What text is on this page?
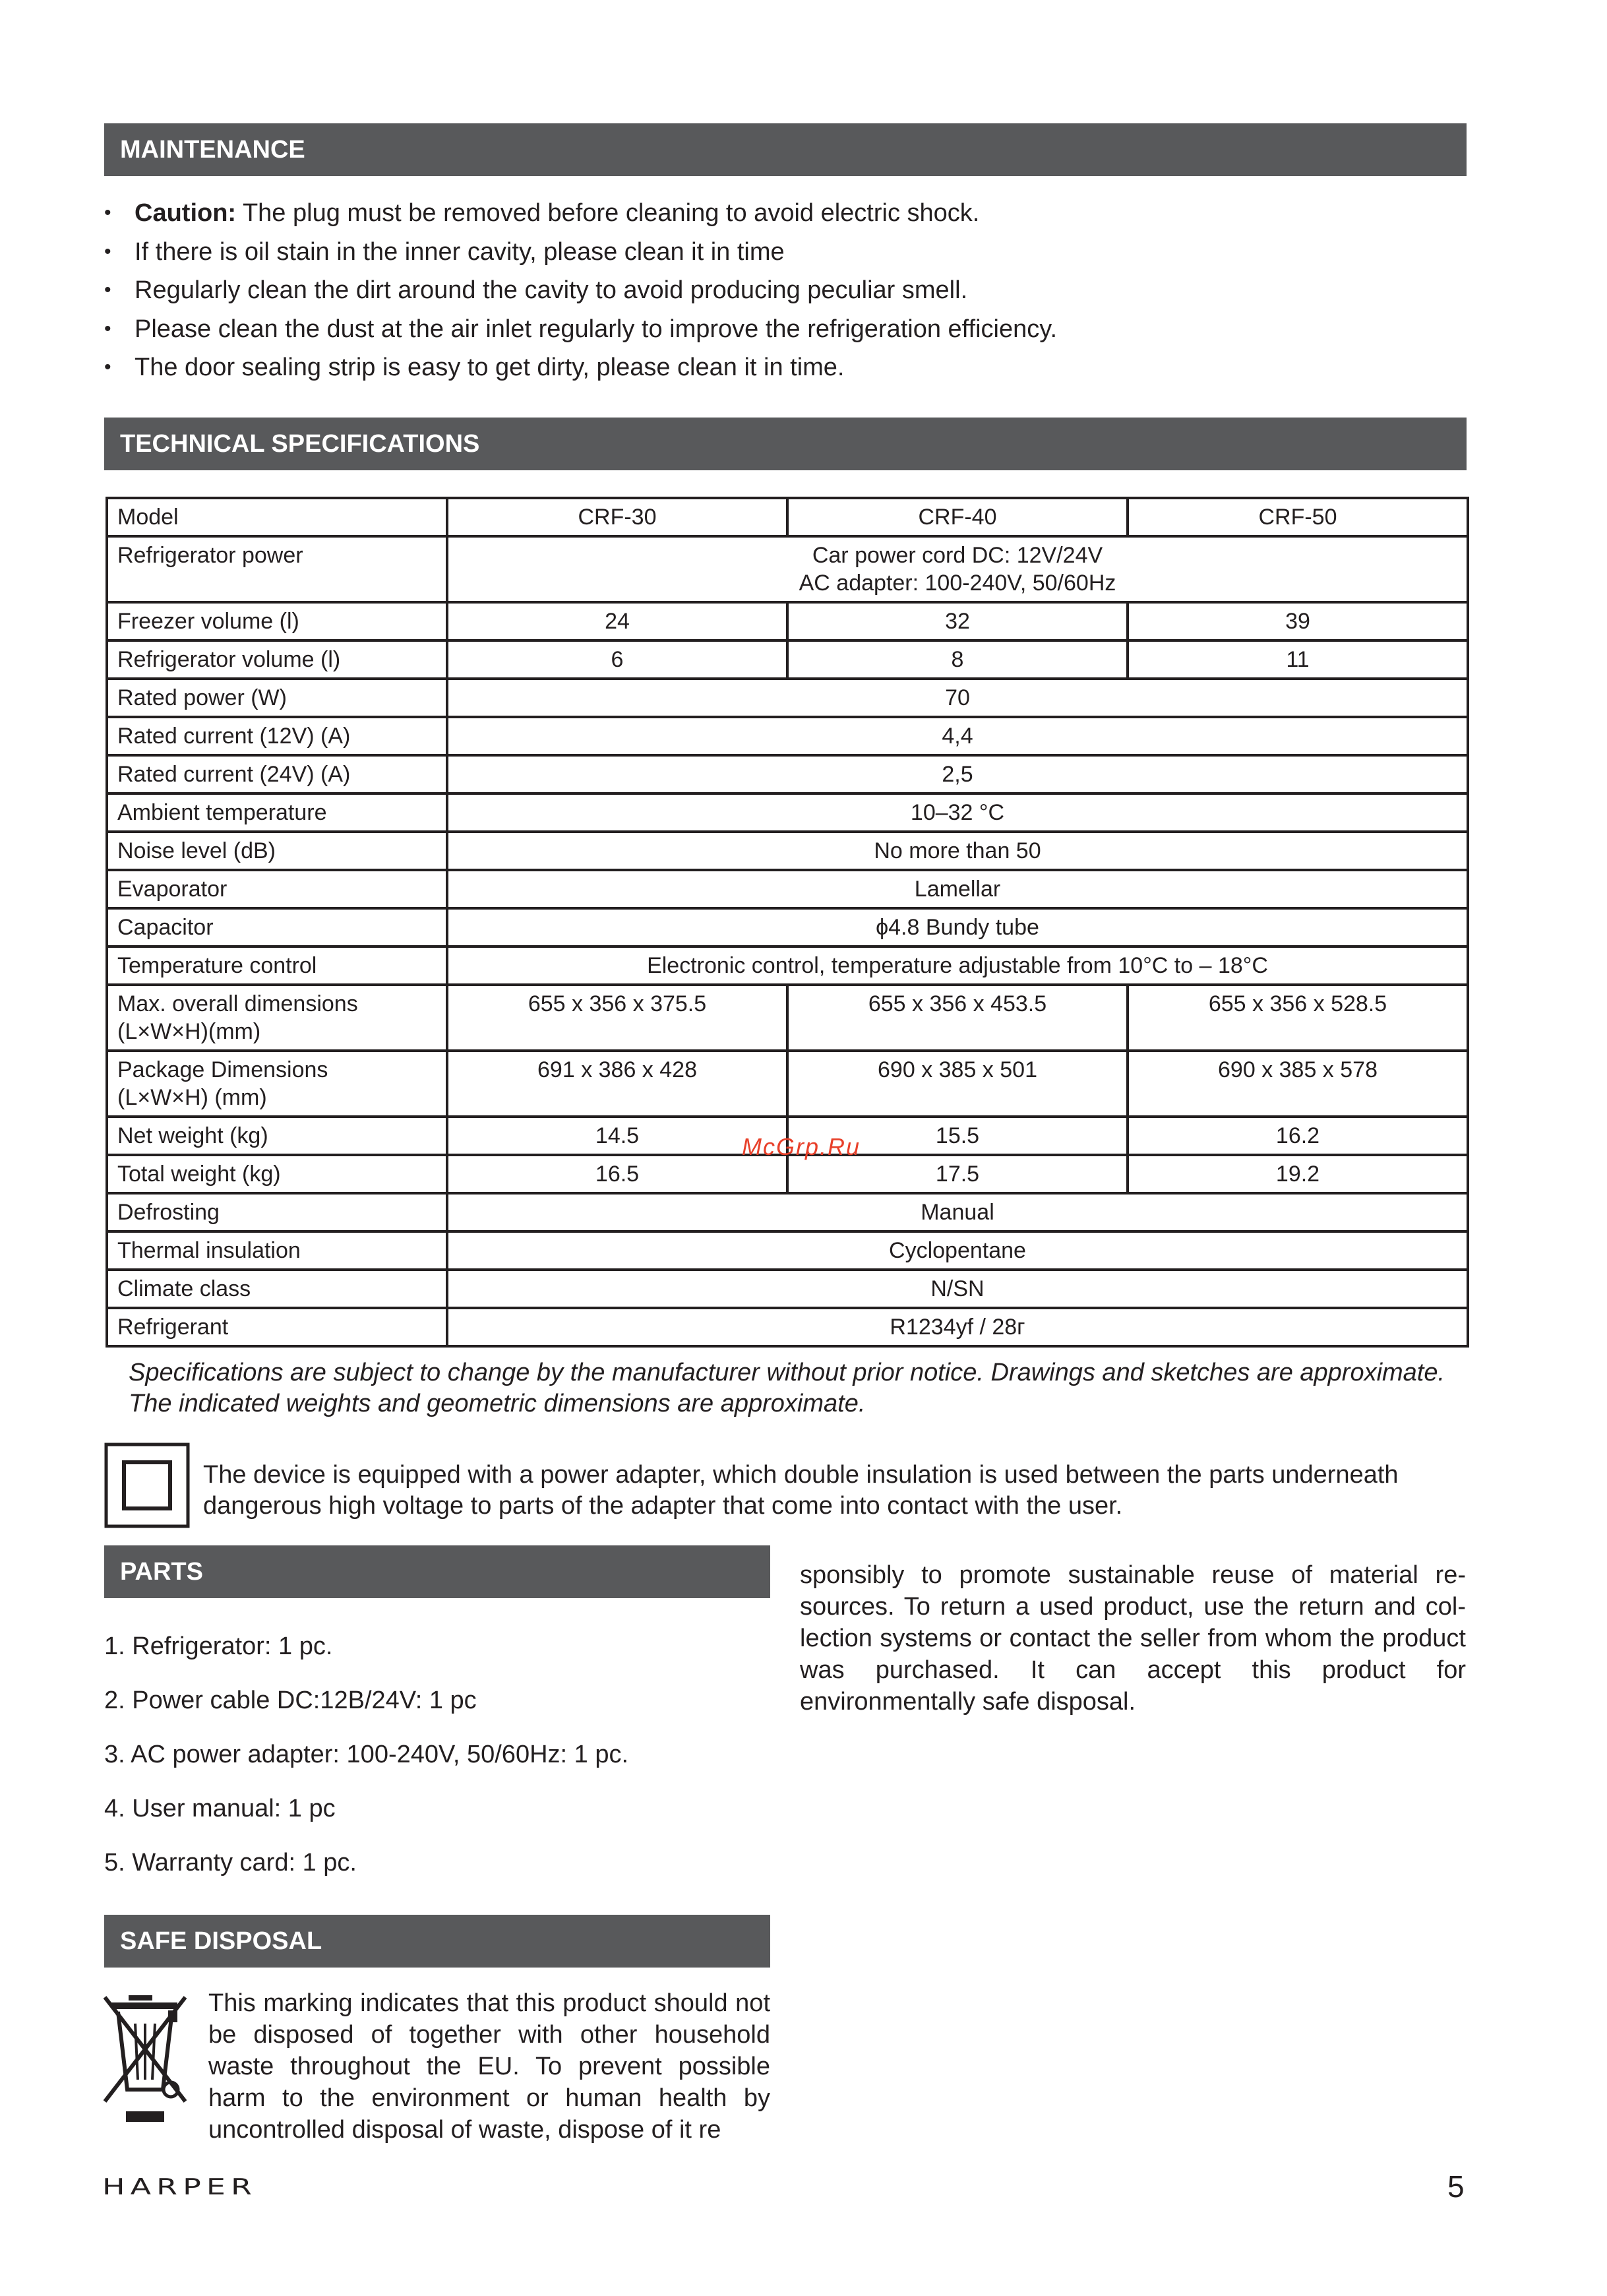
MAINTENANCE
• Caution: The plug must be removed before cleaning to avoid electric shock.
• If there is oil stain in the inner cavity, please clean it in time
• Regularly clean the dirt around the cavity to avoid producing peculiar smell.
• Please clean the dust at the air inlet regularly to improve the refrigeration efficiency.
• The door sealing strip is easy to get dirty, please clean it in time.
TECHNICAL SPECIFICATIONS
Model	CRF-30	CRF-40	CRF-50
Refrigerator power	Car power cord DC: 12V/24V
AC adapter: 100-240V, 50/60Hz		

Freezer volume (l)	24	32	39
Refrigerator volume (l)	6	8	11
Rated power (W)	70		
Rated current (12V) (A)	4,4		
Rated current (24V) (A)	2,5		
Ambient temperature	10–32 °C		
Noise level (dB)	No more than 50		
Evaporator	Lamellar		
Capacitor	ϕ4.8 Bundy tube		
Temperature control	Electronic control, temperature adjustable from 10°C to – 18°C		

Max. overall dimensions
(L×W×H)(mm)	655 x 356 x 375.5	655 x 356 x 453.5	655 x 356 x 528.5

Package Dimensions
(L×W×H) (mm)	691 x 386 x 428	690 x 385 x 501	690 x 385 x 578
Net weight (kg)	14.5	15.5	16.2
Total weight (kg)	16.5	17.5	19.2
Defrosting	Manual		
Thermal insulation	Cyclopentane		
Climate class	N/SN		
Refrigerant	R1234yf / 28г		
McGrp.Ru
Specifications are subject to change by the manufacturer without prior notice. Drawings and sketches are approximate. The indicated weights and geometric dimensions are approximate.
The device is equipped with a power adapter, which double insulation is used between the parts underneath dangerous high voltage to parts of the adapter that come into contact with the user.
PARTS
1. Refrigerator: 1 pc.
2. Power cable DC:12B/24V: 1 pc
3. AC power adapter: 100-240V, 50/60Hz: 1 pc.
4. User manual: 1 pc
5. Warranty card: 1 pc.
sponsibly to promote sustainable reuse of material resources. To return a used product, use the return and collection systems or contact the seller from whom the product was purchased. It can accept this product for environmentally safe disposal.
SAFE DISPOSAL
This marking indicates that this product should not be disposed of together with other household waste throughout the EU. To prevent possible harm to the environment or human health by uncontrolled disposal of waste, dispose of it re
HARPER	5
